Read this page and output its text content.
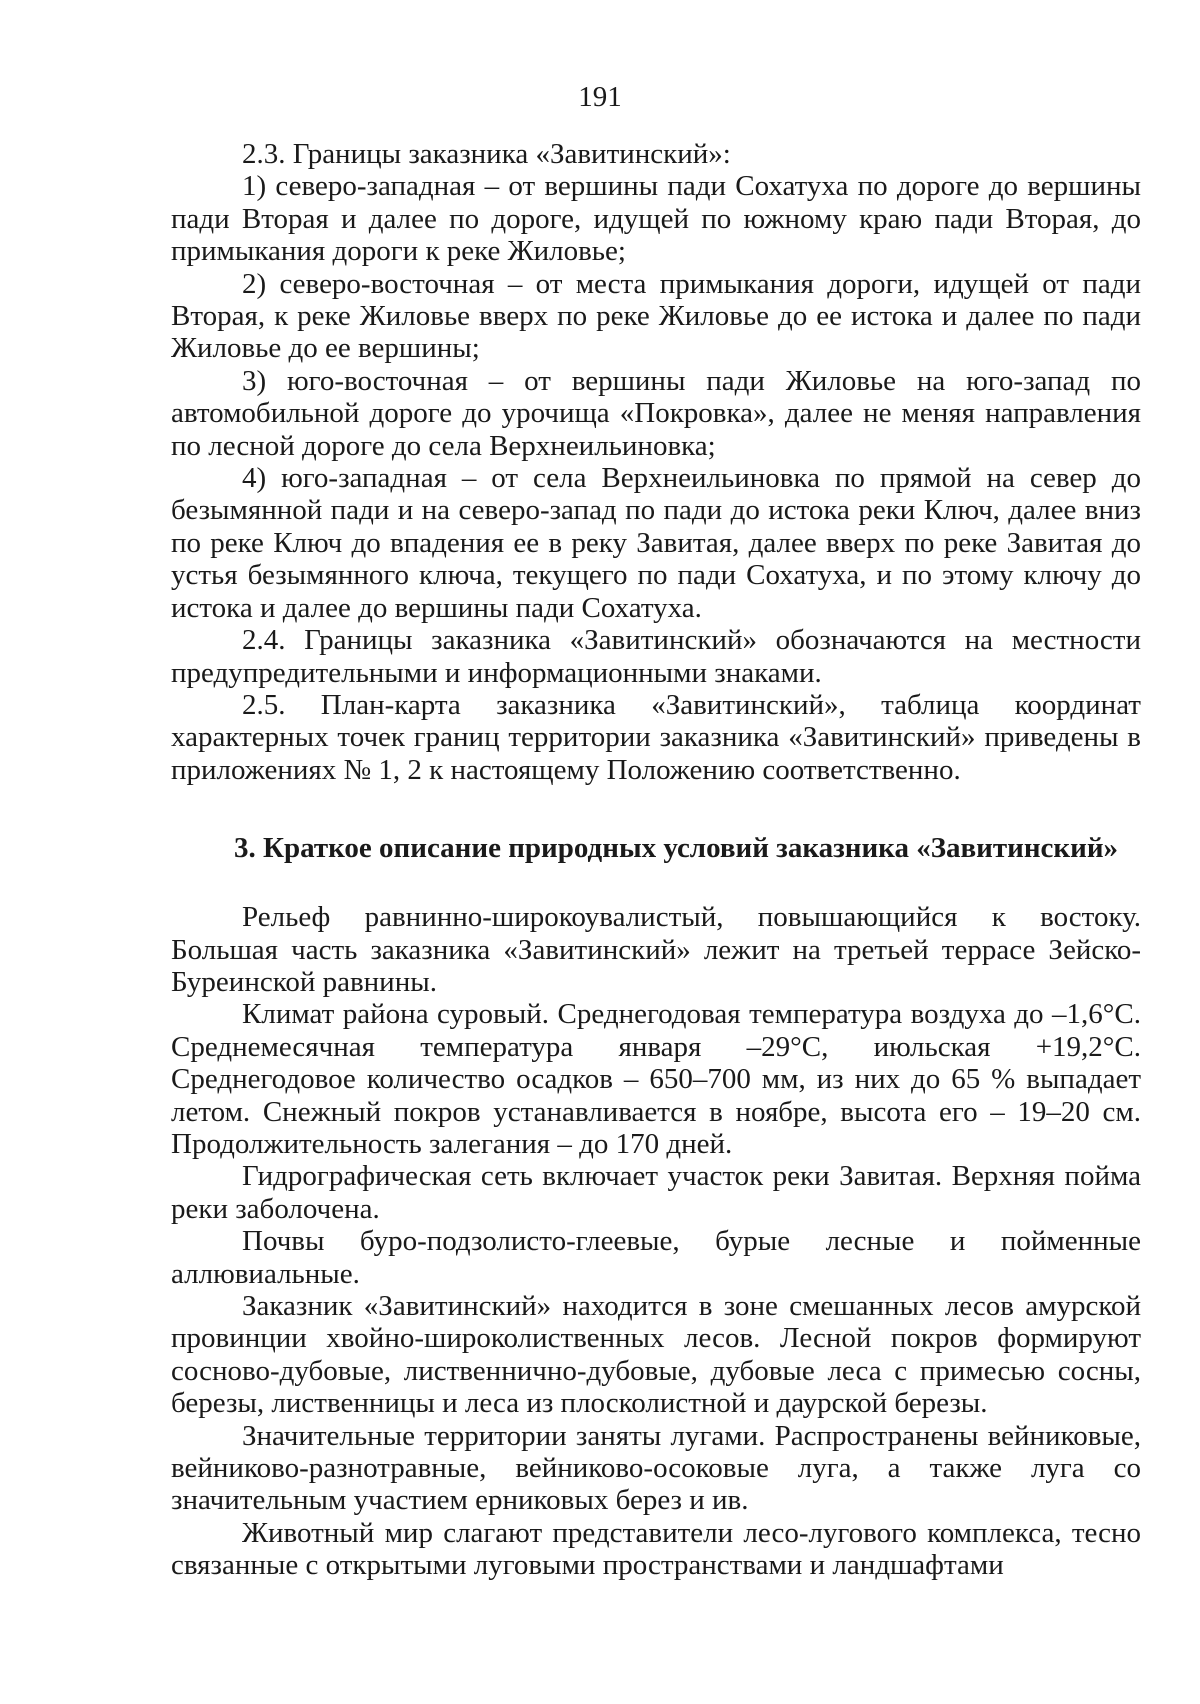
191

2.3. Границы заказника «Завитинский»:

1) северо-западная – от вершины пади Сохатуха по дороге до вершины пади Вторая и далее по дороге, идущей по южному краю пади Вторая, до примыкания дороги к реке Жиловье;

2) северо-восточная – от места примыкания дороги, идущей от пади Вторая, к реке Жиловье вверх по реке Жиловье до ее истока и далее по пади Жиловье до ее вершины;

3) юго-восточная – от вершины пади Жиловье на юго-запад по автомобильной дороге до урочища «Покровка», далее не меняя направления по лесной дороге до села Верхнеильиновка;

4) юго-западная – от села Верхнеильиновка по прямой на север до безымянной пади и на северо-запад по пади до истока реки Ключ, далее вниз по реке Ключ до впадения ее в реку Завитая, далее вверх по реке Завитая до устья безымянного ключа, текущего по пади Сохатуха, и по этому ключу до истока и далее до вершины пади Сохатуха.

2.4. Границы заказника «Завитинский» обозначаются на местности предупредительными и информационными знаками.

2.5. План-карта заказника «Завитинский», таблица координат характерных точек границ территории заказника «Завитинский» приведены в приложениях № 1, 2 к настоящему Положению соответственно.

3. Краткое описание природных условий заказника «Завитинский»

Рельеф равнинно-широкоувалистый, повышающийся к востоку. Большая часть заказника «Завитинский» лежит на третьей террасе Зейско-Буреинской равнины.

Климат района суровый. Среднегодовая температура воздуха до –1,6°С. Среднемесячная температура января –29°С, июльская +19,2°С. Среднегодовое количество осадков – 650–700 мм, из них до 65 % выпадает летом. Снежный покров устанавливается в ноябре, высота его – 19–20 см. Продолжительность залегания – до 170 дней.

Гидрографическая сеть включает участок реки Завитая. Верхняя пойма реки заболочена.

Почвы буро-подзолисто-глеевые, бурые лесные и пойменные аллювиальные.

Заказник «Завитинский» находится в зоне смешанных лесов амурской провинции хвойно-широколиственных лесов. Лесной покров формируют сосново-дубовые, лиственнично-дубовые, дубовые леса с примесью сосны, березы, лиственницы и леса из плосколистной и даурской березы.

Значительные территории заняты лугами. Распространены вейниковые, вейниково-разнотравные, вейниково-осоковые луга, а также луга со значительным участием ерниковых берез и ив.

Животный мир слагают представители лесо-лугового комплекса, тесно связанные с открытыми луговыми пространствами и ландшафтами
